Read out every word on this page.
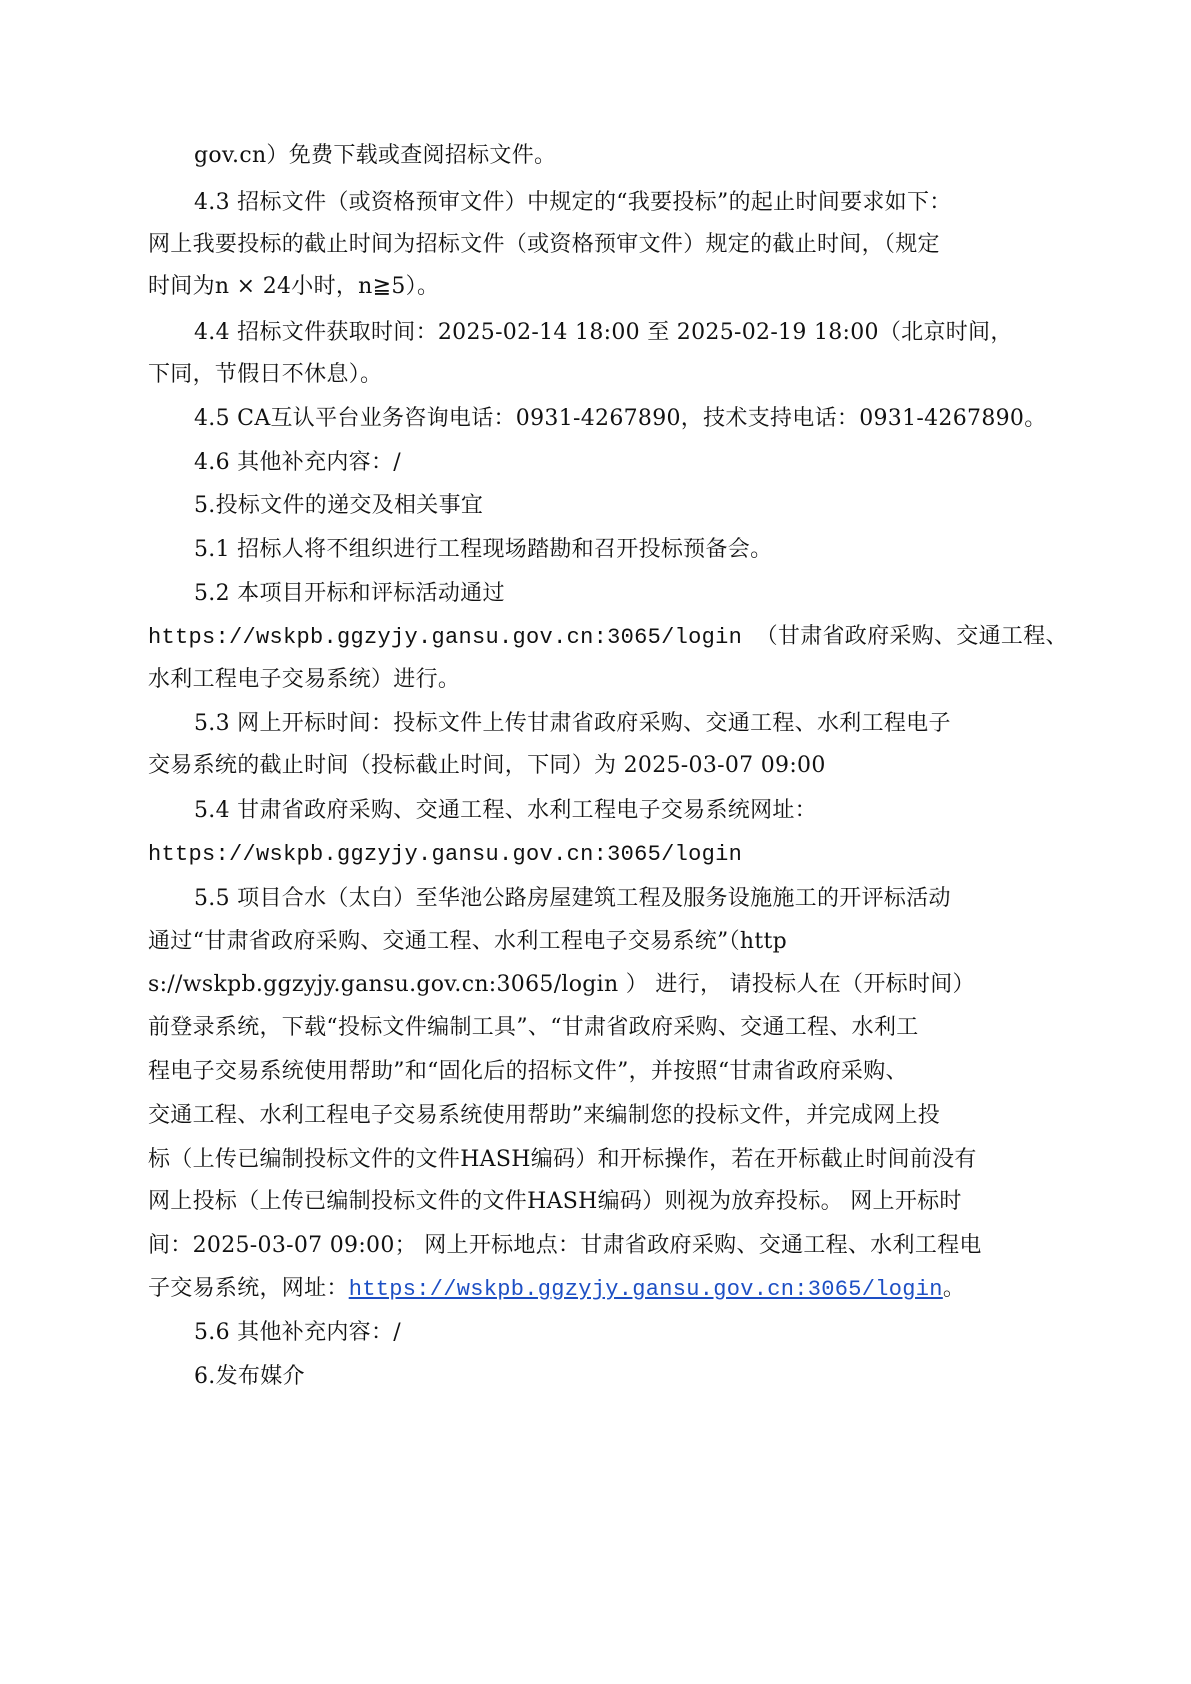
gov.cn）免费下载或查阅招标文件。
4.3 招标文件（或资格预审文件）中规定的“我要投标”的起止时间要求如下：
网上我要投标的截止时间为招标文件（或资格预审文件）规定的截止时间，（规定
时间为n × 24小时，n≧5）。
4.4 招标文件获取时间：2025-02-14 18:00 至 2025-02-19 18:00（北京时间，
下同，节假日不休息）。
4.5 CA互认平台业务咨询电话：0931-4267890，技术支持电话：0931-4267890。
4.6 其他补充内容：/
5.投标文件的递交及相关事宜
5.1 招标人将不组织进行工程现场踏勘和召开投标预备会。
5.2 本项目开标和评标活动通过
https://wskpb.ggzyjy.gansu.gov.cn:3065/login （甘肃省政府采购、交通工程、
水利工程电子交易系统）进行。
5.3 网上开标时间：投标文件上传甘肃省政府采购、交通工程、水利工程电子
交易系统的截止时间（投标截止时间，下同）为 2025-03-07 09:00
5.4 甘肃省政府采购、交通工程、水利工程电子交易系统网址：
https://wskpb.ggzyjy.gansu.gov.cn:3065/login
5.5 项目合水（太白）至华池公路房屋建筑工程及服务设施施工的开评标活动
通过“甘肃省政府采购、交通工程、水利工程电子交易系统”（http
s://wskpb.ggzyjy.gansu.gov.cn:3065/login ） 进行， 请投标人在（开标时间）
前登录系统，下载“投标文件编制工具”、“甘肃省政府采购、交通工程、水利工
程电子交易系统使用帮助”和“固化后的招标文件”，并按照“甘肃省政府采购、
交通工程、水利工程电子交易系统使用帮助”来编制您的投标文件，并完成网上投
标（上传已编制投标文件的文件HASH编码）和开标操作，若在开标截止时间前没有
网上投标（上传已编制投标文件的文件HASH编码）则视为放弃投标。 网上开标时
间：2025-03-07 09:00； 网上开标地点：甘肃省政府采购、交通工程、水利工程电
子交易系统，网址：https://wskpb.ggzyjy.gansu.gov.cn:3065/login。
5.6 其他补充内容：/
6.发布媒介
